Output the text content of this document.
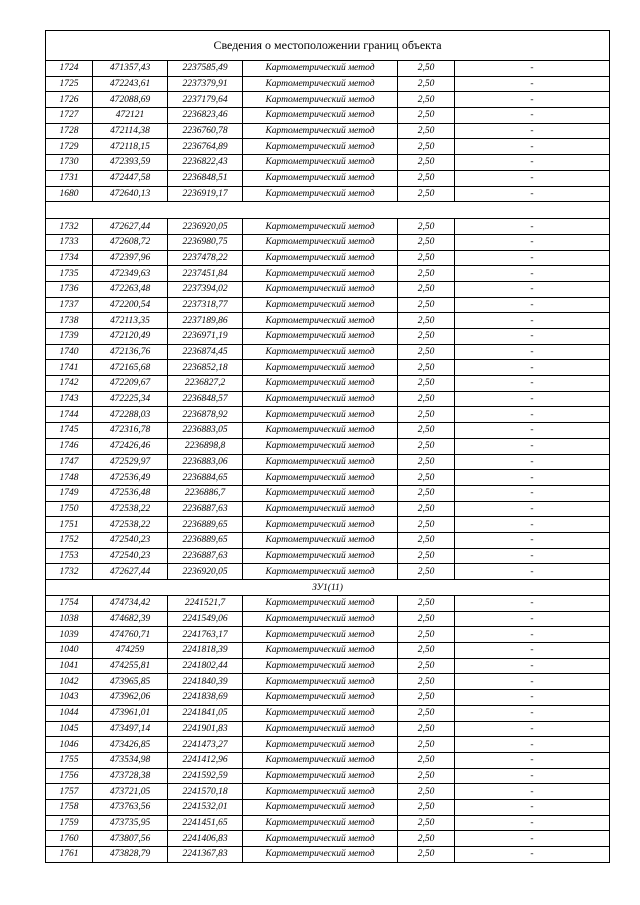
Сведения о местоположении границ объекта					
1724	471357,43	2237585,49	Картометрический метод	2,50	-
1725	472243,61	2237379,91	Картометрический метод	2,50	-
1726	472088,69	2237179,64	Картометрический метод	2,50	-
1727	472121	2236823,46	Картометрический метод	2,50	-
1728	472114,38	2236760,78	Картометрический метод	2,50	-
1729	472118,15	2236764,89	Картометрический метод	2,50	-
1730	472393,59	2236822,43	Картометрический метод	2,50	-
1731	472447,58	2236848,51	Картометрический метод	2,50	-
1680	472640,13	2236919,17	Картометрический метод	2,50	-

1732	472627,44	2236920,05	Картометрический метод	2,50	-
1733	472608,72	2236980,75	Картометрический метод	2,50	-
1734	472397,96	2237478,22	Картометрический метод	2,50	-
1735	472349,63	2237451,84	Картометрический метод	2,50	-
1736	472263,48	2237394,02	Картометрический метод	2,50	-
1737	472200,54	2237318,77	Картометрический метод	2,50	-
1738	472113,35	2237189,86	Картометрический метод	2,50	-
1739	472120,49	2236971,19	Картометрический метод	2,50	-
1740	472136,76	2236874,45	Картометрический метод	2,50	-
1741	472165,68	2236852,18	Картометрический метод	2,50	-
1742	472209,67	2236827,2	Картометрический метод	2,50	-
1743	472225,34	2236848,57	Картометрический метод	2,50	-
1744	472288,03	2236878,92	Картометрический метод	2,50	-
1745	472316,78	2236883,05	Картометрический метод	2,50	-
1746	472426,46	2236898,8	Картометрический метод	2,50	-
1747	472529,97	2236883,06	Картометрический метод	2,50	-
1748	472536,49	2236884,65	Картометрический метод	2,50	-
1749	472536,48	2236886,7	Картометрический метод	2,50	-
1750	472538,22	2236887,63	Картометрический метод	2,50	-
1751	472538,22	2236889,65	Картометрический метод	2,50	-
1752	472540,23	2236889,65	Картометрический метод	2,50	-
1753	472540,23	2236887,63	Картометрический метод	2,50	-
1732	472627,44	2236920,05	Картометрический метод	2,50	-
ЗУ1(11)					
1754	474734,42	2241521,7	Картометрический метод	2,50	-
1038	474682,39	2241549,06	Картометрический метод	2,50	-
1039	474760,71	2241763,17	Картометрический метод	2,50	-
1040	474259	2241818,39	Картометрический метод	2,50	-
1041	474255,81	2241802,44	Картометрический метод	2,50	-
1042	473965,85	2241840,39	Картометрический метод	2,50	-
1043	473962,06	2241838,69	Картометрический метод	2,50	-
1044	473961,01	2241841,05	Картометрический метод	2,50	-
1045	473497,14	2241901,83	Картометрический метод	2,50	-
1046	473426,85	2241473,27	Картометрический метод	2,50	-
1755	473534,98	2241412,96	Картометрический метод	2,50	-
1756	473728,38	2241592,59	Картометрический метод	2,50	-
1757	473721,05	2241570,18	Картометрический метод	2,50	-
1758	473763,56	2241532,01	Картометрический метод	2,50	-
1759	473735,95	2241451,65	Картометрический метод	2,50	-
1760	473807,56	2241406,83	Картометрический метод	2,50	-
1761	473828,79	2241367,83	Картометрический метод	2,50	-
